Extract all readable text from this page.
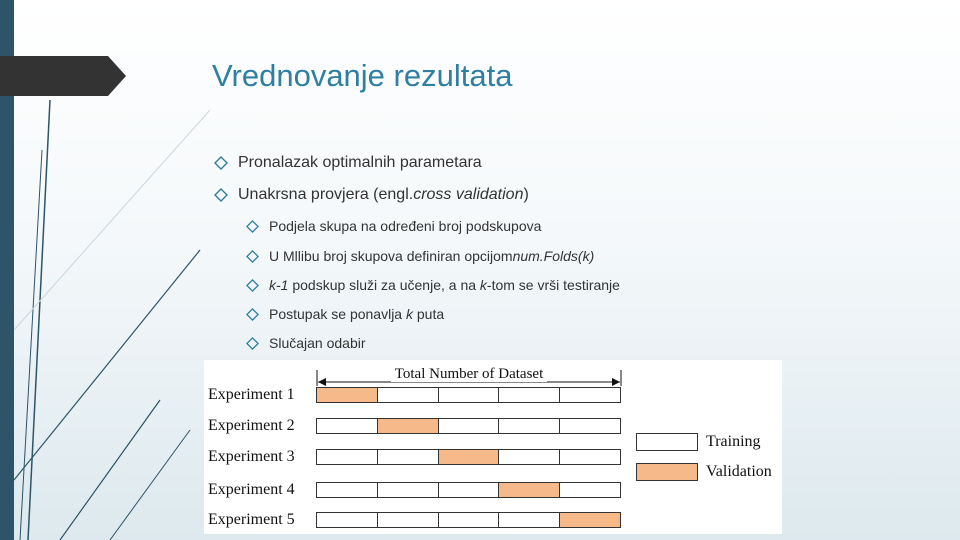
Vrednovanje rezultata
Pronalazak optimalnih parametara
Unakrsna provjera (engl. cross validation )
Podjela skupa na određeni broj podskupova
U Mllibu broj skupova definiran opcijom num.Folds(k)
k-1 podskup služi za učenje, a na k -tom se vrši testiranje
Postupak se ponavlja k puta
Slučajan odabir
Total Number of Dataset
Experiment 1
Experiment 2
Experiment 3
Experiment 4
Experiment 5
Training
Validation
